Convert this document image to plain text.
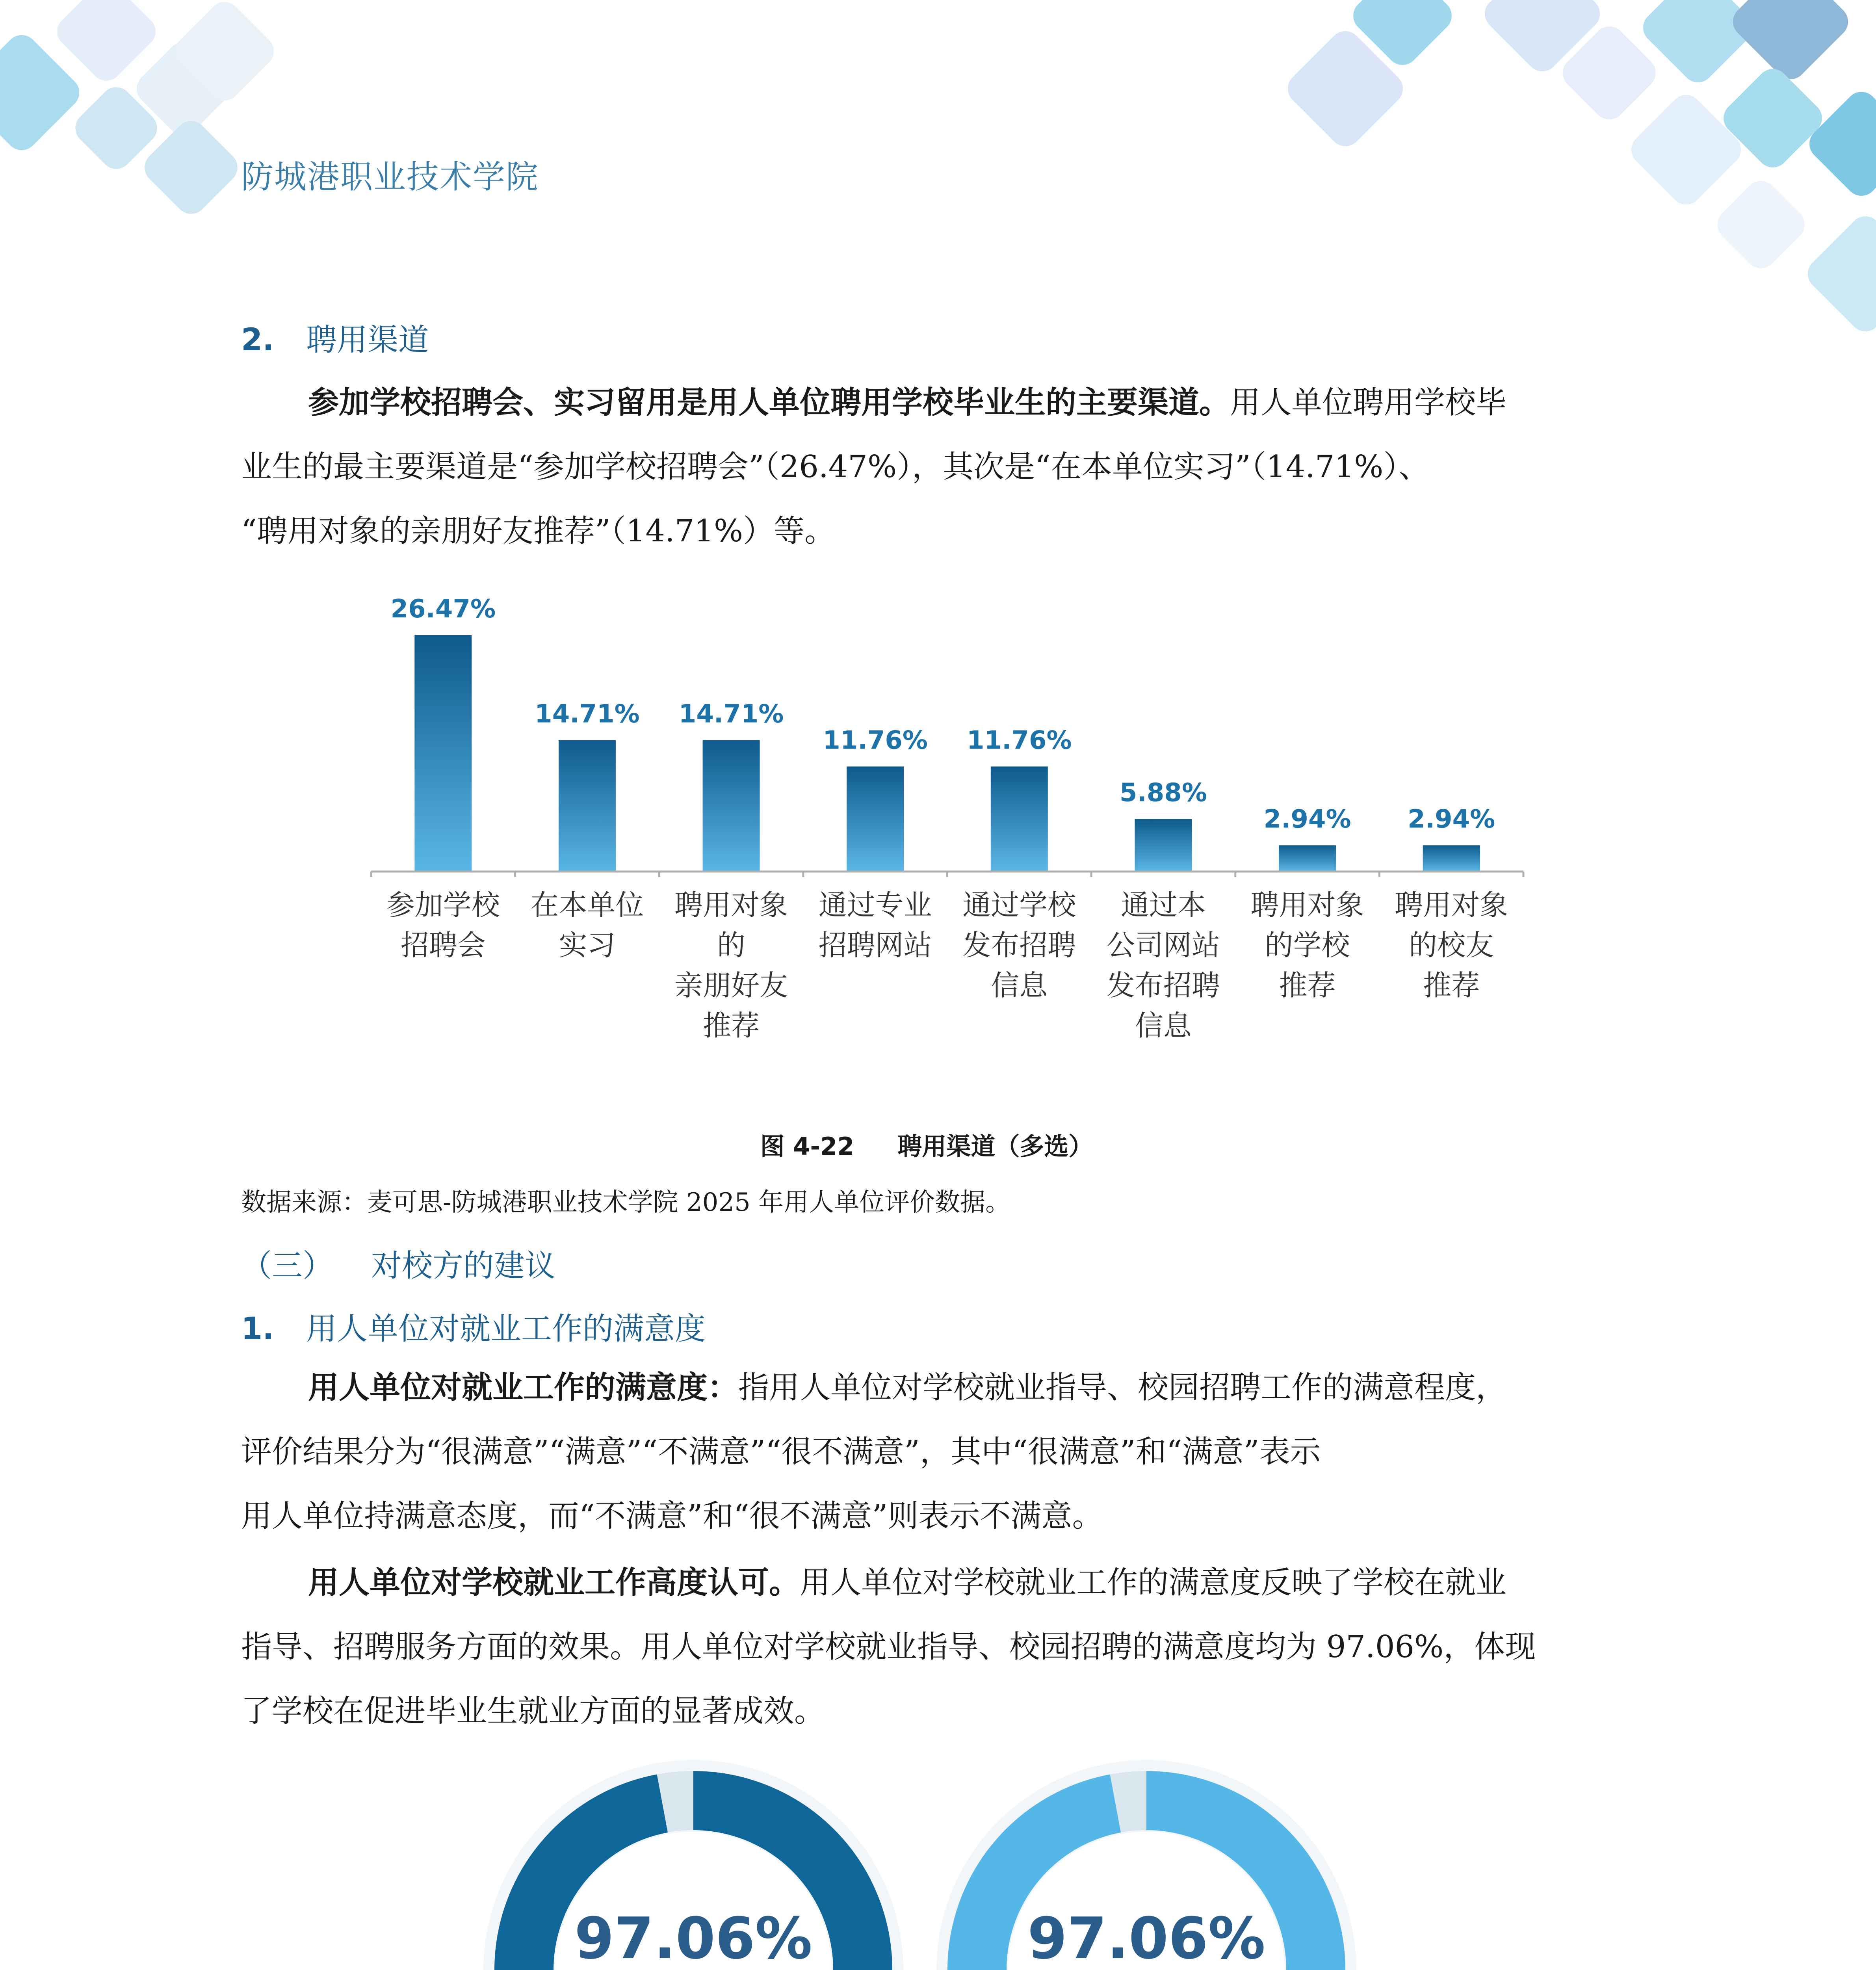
防城港职业技术学院
2. 聘用渠道
参加学校招聘会、实习留用是用人单位聘用学校毕业生的主要渠道。用人单位聘用学校毕
业生的最主要渠道是“参加学校招聘会”（26.47%），其次是“在本单位实习”（14.71%）、
“聘用对象的亲朋好友推荐”（14.71%）等。
26.47%
14.71% 14.71%
11.76% 11.76%
5.88%
2.94% 2.94%
参加学校
招聘会
在本单位
实习
聘用对象
的
亲朋好友
推荐
通过专业
招聘网站
通过学校
发布招聘
信息
通过本
公司网站
发布招聘
信息
聘用对象
的学校
推荐
聘用对象
的校友
推荐
图 4-22 聘用渠道（多选）
数据来源：麦可思-防城港职业技术学院 2025 年用人单位评价数据。
（三） 对校方的建议
1. 用人单位对就业工作的满意度
用人单位对就业工作的满意度：指用人单位对学校就业指导、校园招聘工作的满意程度，
评价结果分为“很满意”“满意”“不满意”“很不满意”，其中“很满意”和“满意”表示
用人单位持满意态度，而“不满意”和“很不满意”则表示不满意。
用人单位对学校就业工作高度认可。用人单位对学校就业工作的满意度反映了学校在就业
指导、招聘服务方面的效果。用人单位对学校就业指导、校园招聘的满意度均为 97.06%，体现
了学校在促进毕业生就业方面的显著成效。
97.06%	97.06%
